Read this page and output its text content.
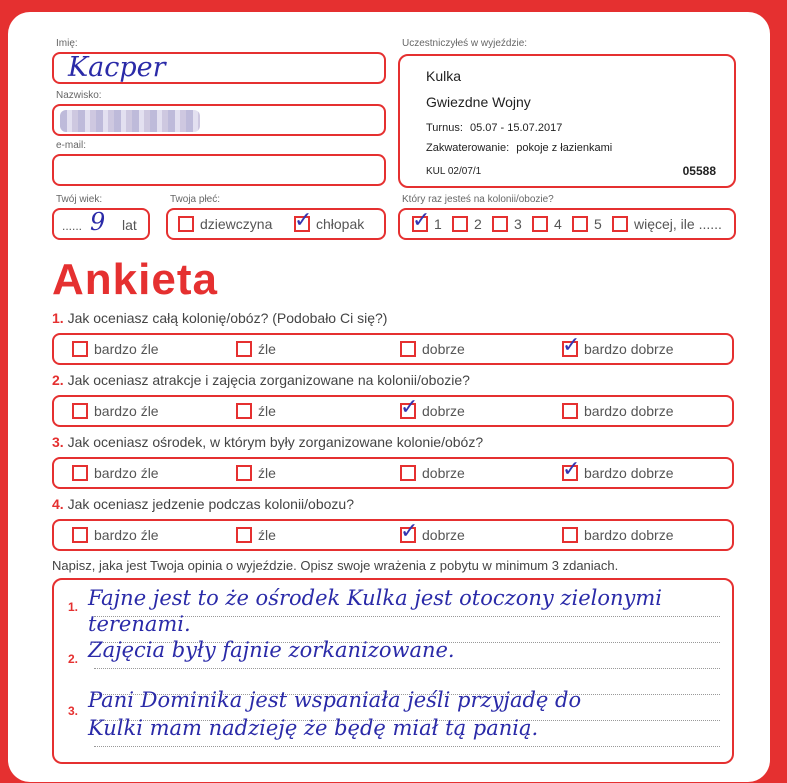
Imię:
Kacper
Nazwisko:
e-mail:
Uczestniczyłeś w wyjeździe:
Kulka
Gwiezdne Wojny
Turnus: 05.07 - 15.07.2017
Zakwaterowanie: pokoje z łazienkami
KUL 02/07/1	05588
Twój wiek:
...... 9 lat
Twoja płeć:
dziewczyna ✓ chłopak
Który raz jesteś na kolonii/obozie?
✓ 1 2 3 4 5 więcej, ile ......
Ankieta
1. Jak oceniasz całą kolonię/obóz? (Podobało Ci się?)
bardzo źle	źle	dobrze	✓ bardzo dobrze
2. Jak oceniasz atrakcje i zajęcia zorganizowane na kolonii/obozie?
bardzo źle	źle	✓ dobrze	bardzo dobrze
3. Jak oceniasz ośrodek, w którym były zorganizowane kolonie/obóz?
bardzo źle	źle	dobrze	✓ bardzo dobrze
4. Jak oceniasz jedzenie podczas kolonii/obozu?
bardzo źle	źle	✓ dobrze	bardzo dobrze
Napisz, jaka jest Twoja opinia o wyjeździe. Opisz swoje wrażenia z pobytu w minimum 3 zdaniach.
1.
2.
3.
Fajne jest to że ośrodek Kulka jest otoczony zielonymi
terenami.
Zajęcia były fajnie zorkanizowane.
Pani Dominika jest wspaniała jeśli przyjadę do
Kulki mam nadzieję że będę miał tą panią.
